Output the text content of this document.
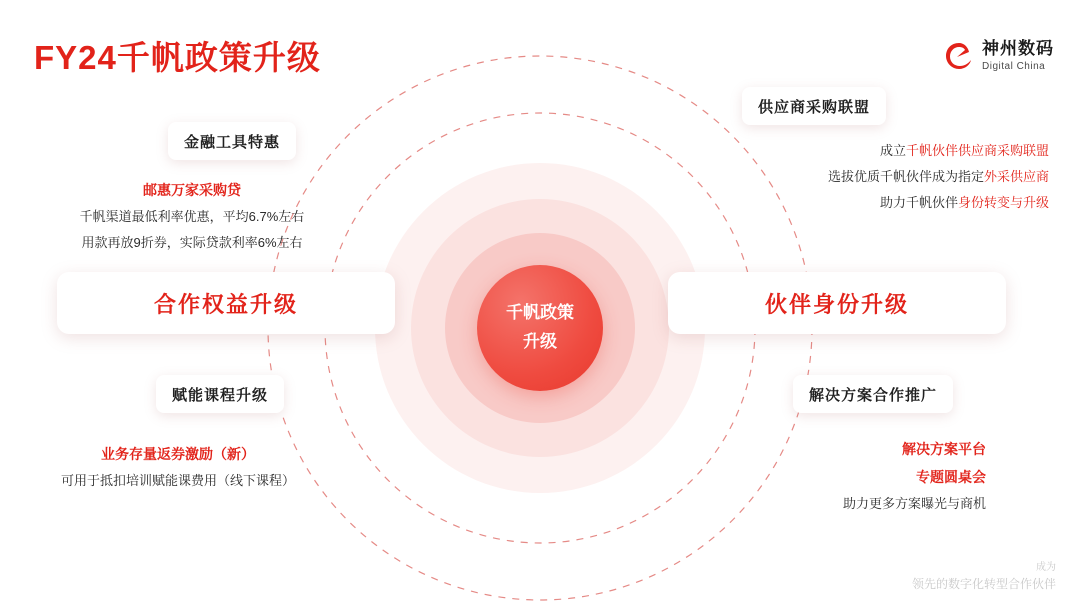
FY24千帆政策升级	神州数码
Digital China
千帆政策
升级
合作权益升级	伙伴身份升级
金融工具特惠
邮惠万家采购贷
千帆渠道最低利率优惠，平均6.7%左右
用款再放9折券，实际贷款利率6%左右
赋能课程升级
业务存量返券激励（新）
可用于抵扣培训赋能课费用（线下课程）
供应商采购联盟
成立千帆伙伴供应商采购联盟
选拔优质千帆伙伴成为指定外采供应商
助力千帆伙伴身份转变与升级
解决方案合作推广
解决方案平台
专题圆桌会
助力更多方案曝光与商机
成为
领先的数字化转型合作伙伴
